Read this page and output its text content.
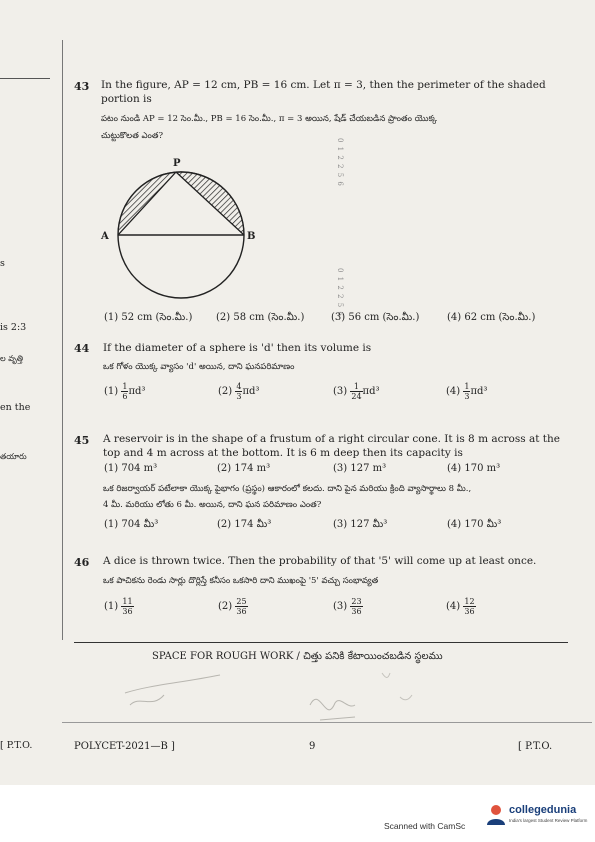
s
is 2:3
ల వృత్తి
en the
తయారు
[ P.T.O.
43 In the figure, AP = 12 cm, PB = 16 cm. Let π = 3, then the perimeter of the shaded
portion is
పటం నుండి AP = 12 సెం.మీ., PB = 16 సెం.మీ., π = 3 అయిన, షేడ్ చేయబడిన ప్రాంతం యొక్క
చుట్టుకొలత ఎంత?
P
A	B
0 1 2 2 5 6
0 1 2 2 5 6
(1) 52 cm (సెం.మీ.) (2) 58 cm (సెం.మీ.)	(3) 56 cm (సెం.మీ.)	(4) 62 cm (సెం.మీ.)
44 If the diameter of a sphere is 'd' then its volume is
ఒక గోళం యొక్క వ్యాసం 'd' అయిన, దాని ఘనపరిమాణం
$(1) \frac{1}{6} \pi d^3$	$(2) \frac{4}{3} \pi d^3$	$(3) \frac{1}{24} \pi d^3$	$(4) \frac{1}{3} \pi d^3$
45 A reservoir is in the shape of a frustum of a right circular cone. It is 8 m across at the
top and 4 m across at the bottom. It is 6 m deep then its capacity is
(1) 704 m³	(2) 174 m³	(3) 127 m³	(4) 170 m³
ఒక రిజర్వాయర్ పటేలాకా యొక్క పైభాగం (ప్రస్థం) ఆకారంలో కలదు. దాని పైన మరియు క్రింది వ్యాసార్థాలు 8 మీ.,
4 మీ. మరియు లోతు 6 మీ. అయిన, దాని ఘన పరిమాణం ఎంత?
(1) 704 మీ³	(2) 174 మీ³	(3) 127 మీ³	(4) 170 మీ³
46 A dice is thrown twice. Then the probability of that '5' will come up at least once.
ఒక పాచికను రెండు సార్లు దొర్లిస్తే కనీసం ఒకసారి దాని ముఖంపై '5' వచ్చు సంభావ్యత
$(1) \frac{11}{36}$	$(2) \frac{25}{36}$	$(3) \frac{23}{36}$	$(4) \frac{12}{36}$
SPACE FOR ROUGH WORK / చిత్తు పనికి కేటాయించబడిన స్థలము
POLYCET-2021—B ]	9	[ P.T.O.
Scanned with CamSc
collegedunia
India's largest Student Review Platform
